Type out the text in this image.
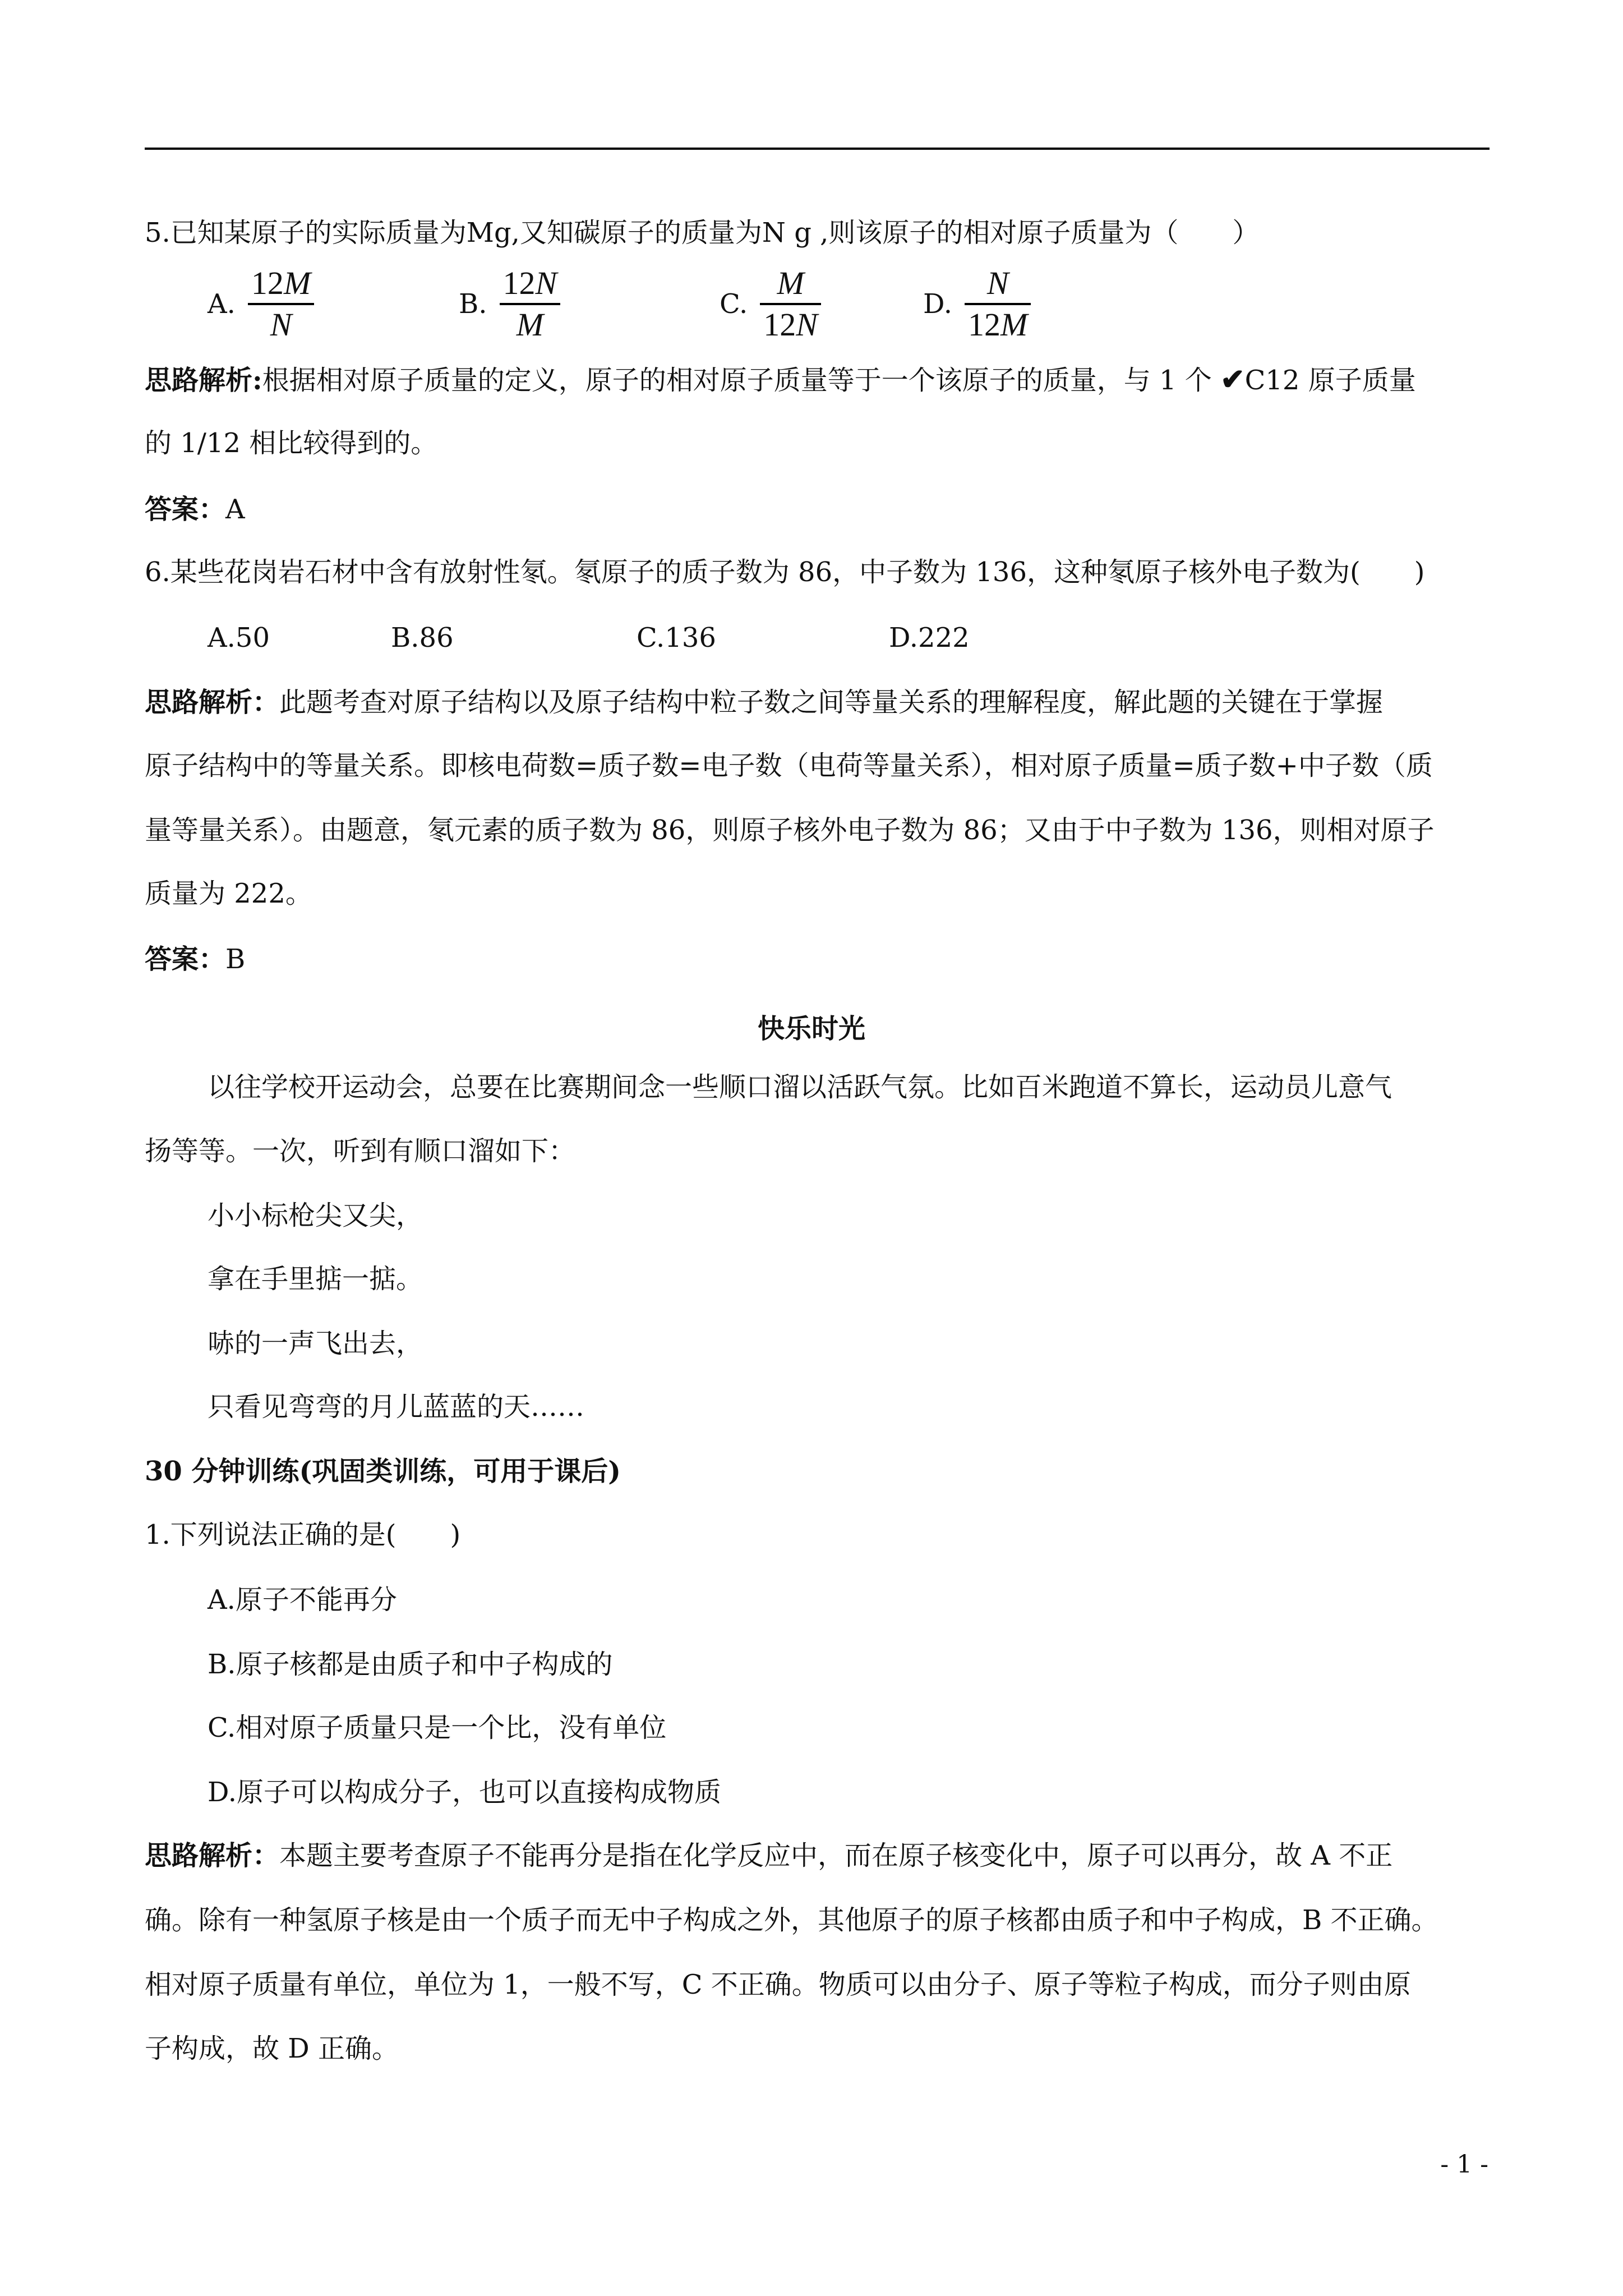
5.已知某原子的实际质量为Mg,又知碳原子的质量为N g ,则该原子的相对原子质量为（　　）
A. $\frac{12M}{N}$	B. $\frac{12N}{M}$	C. $\frac{M}{12N}$	D. $\frac{N}{12M}$
思路解析:根据相对原子质量的定义，原子的相对原子质量等于一个该原子的质量，与 1 个 ✔C12 原子质量
的 1/12 相比较得到的。
答案：A
6.某些花岗岩石材中含有放射性氡。氡原子的质子数为 86，中子数为 136，这种氡原子核外电子数为(　　)
A.50	B.86	C.136	D.222
思路解析：此题考查对原子结构以及原子结构中粒子数之间等量关系的理解程度，解此题的关键在于掌握
原子结构中的等量关系。即核电荷数=质子数=电子数（电荷等量关系），相对原子质量=质子数+中子数（质
量等量关系）。由题意，氡元素的质子数为 86，则原子核外电子数为 86；又由于中子数为 136，则相对原子
质量为 222。
答案：B
快乐时光
以往学校开运动会，总要在比赛期间念一些顺口溜以活跃气氛。比如百米跑道不算长，运动员儿意气
扬等等。一次，听到有顺口溜如下：
小小标枪尖又尖，
拿在手里掂一掂。
哧的一声飞出去，
只看见弯弯的月儿蓝蓝的天……
30 分钟训练(巩固类训练，可用于课后)
1.下列说法正确的是(　　)
A.原子不能再分
B.原子核都是由质子和中子构成的
C.相对原子质量只是一个比，没有单位
D.原子可以构成分子，也可以直接构成物质
思路解析：本题主要考查原子不能再分是指在化学反应中，而在原子核变化中，原子可以再分，故 A 不正
确。除有一种氢原子核是由一个质子而无中子构成之外，其他原子的原子核都由质子和中子构成，B 不正确。
相对原子质量有单位，单位为 1，一般不写，C 不正确。物质可以由分子、原子等粒子构成，而分子则由原
子构成，故 D 正确。
- 1 -
